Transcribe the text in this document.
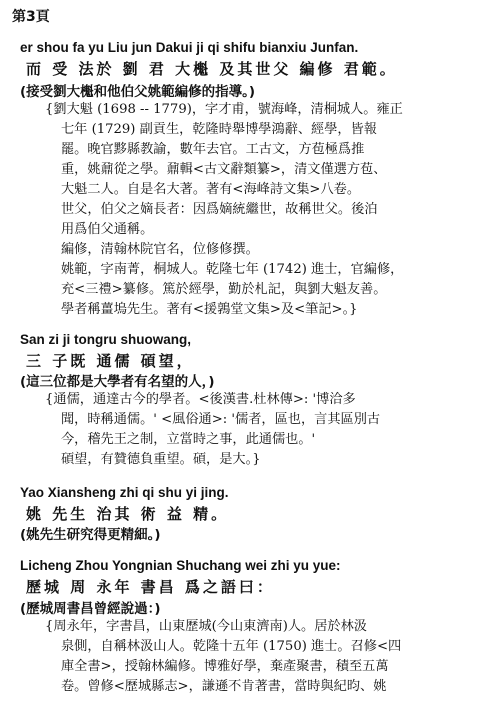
第3頁
er shou fa yu Liu jun Dakui ji qi shifu bianxiu Junfan.
而 受 法於 劉 君 大櫆 及其世父 編修 君範。
(接受劉大櫆和他伯父姚範編修的指導。)
{劉大魁 (1698 -- 1779)，字才甫，號海峰，清桐城人。雍正
七年 (1729) 副貢生，乾隆時舉博學鴻辭、經學，皆報
罷。晚官黟縣教諭，數年去官。工古文，方苞極爲推
重，姚鼐從之學。鼐輯<古文辭類纂>，清文僅選方苞、
大魁二人。自是名大著。著有<海峰詩文集>八卷。
世父，伯父之嫡長者：因爲嫡統繼世，故稱世父。後泊
用爲伯父通稱。
編修，清翰林院官名，位修修撰。
姚範，字南菁，桐城人。乾隆七年 (1742) 進士，官編修，
充<三禮>纂修。篤於經學，勤於札記，與劉大魁友善。
學者稱薑塢先生。著有<援鶉堂文集>及<筆記>。}
San zi ji tongru shuowang,
三 子既 通儒 碩望，
(這三位都是大學者有名望的人，)
{通儒，通達古今的學者。<後漢書.杜林傳>: '博洽多
聞，時稱通儒。' <風俗通>: '儒者，區也，言其區別古
今，稽先王之制，立當時之事，此通儒也。'
碩望，有贊德負重望。碩，是大。}
Yao Xiansheng zhi qi shu yi jing.
姚 先生 治其 術 益 精。
(姚先生研究得更精細。)
Licheng Zhou Yongnian Shuchang wei zhi yu yue:
歷城 周 永年 書昌 爲之語曰：
(歷城周書昌曾經說過：)
{周永年，字書昌，山東歷城(今山東濟南)人。居於林汲
泉側，自稱林汲山人。乾隆十五年 (1750) 進士。召修<四
庫全書>，授翰林編修。博雅好學，棄產聚書，積至五萬
卷。曾修<歷城縣志>，謙遜不肯著書，當時與紀昀、姚
